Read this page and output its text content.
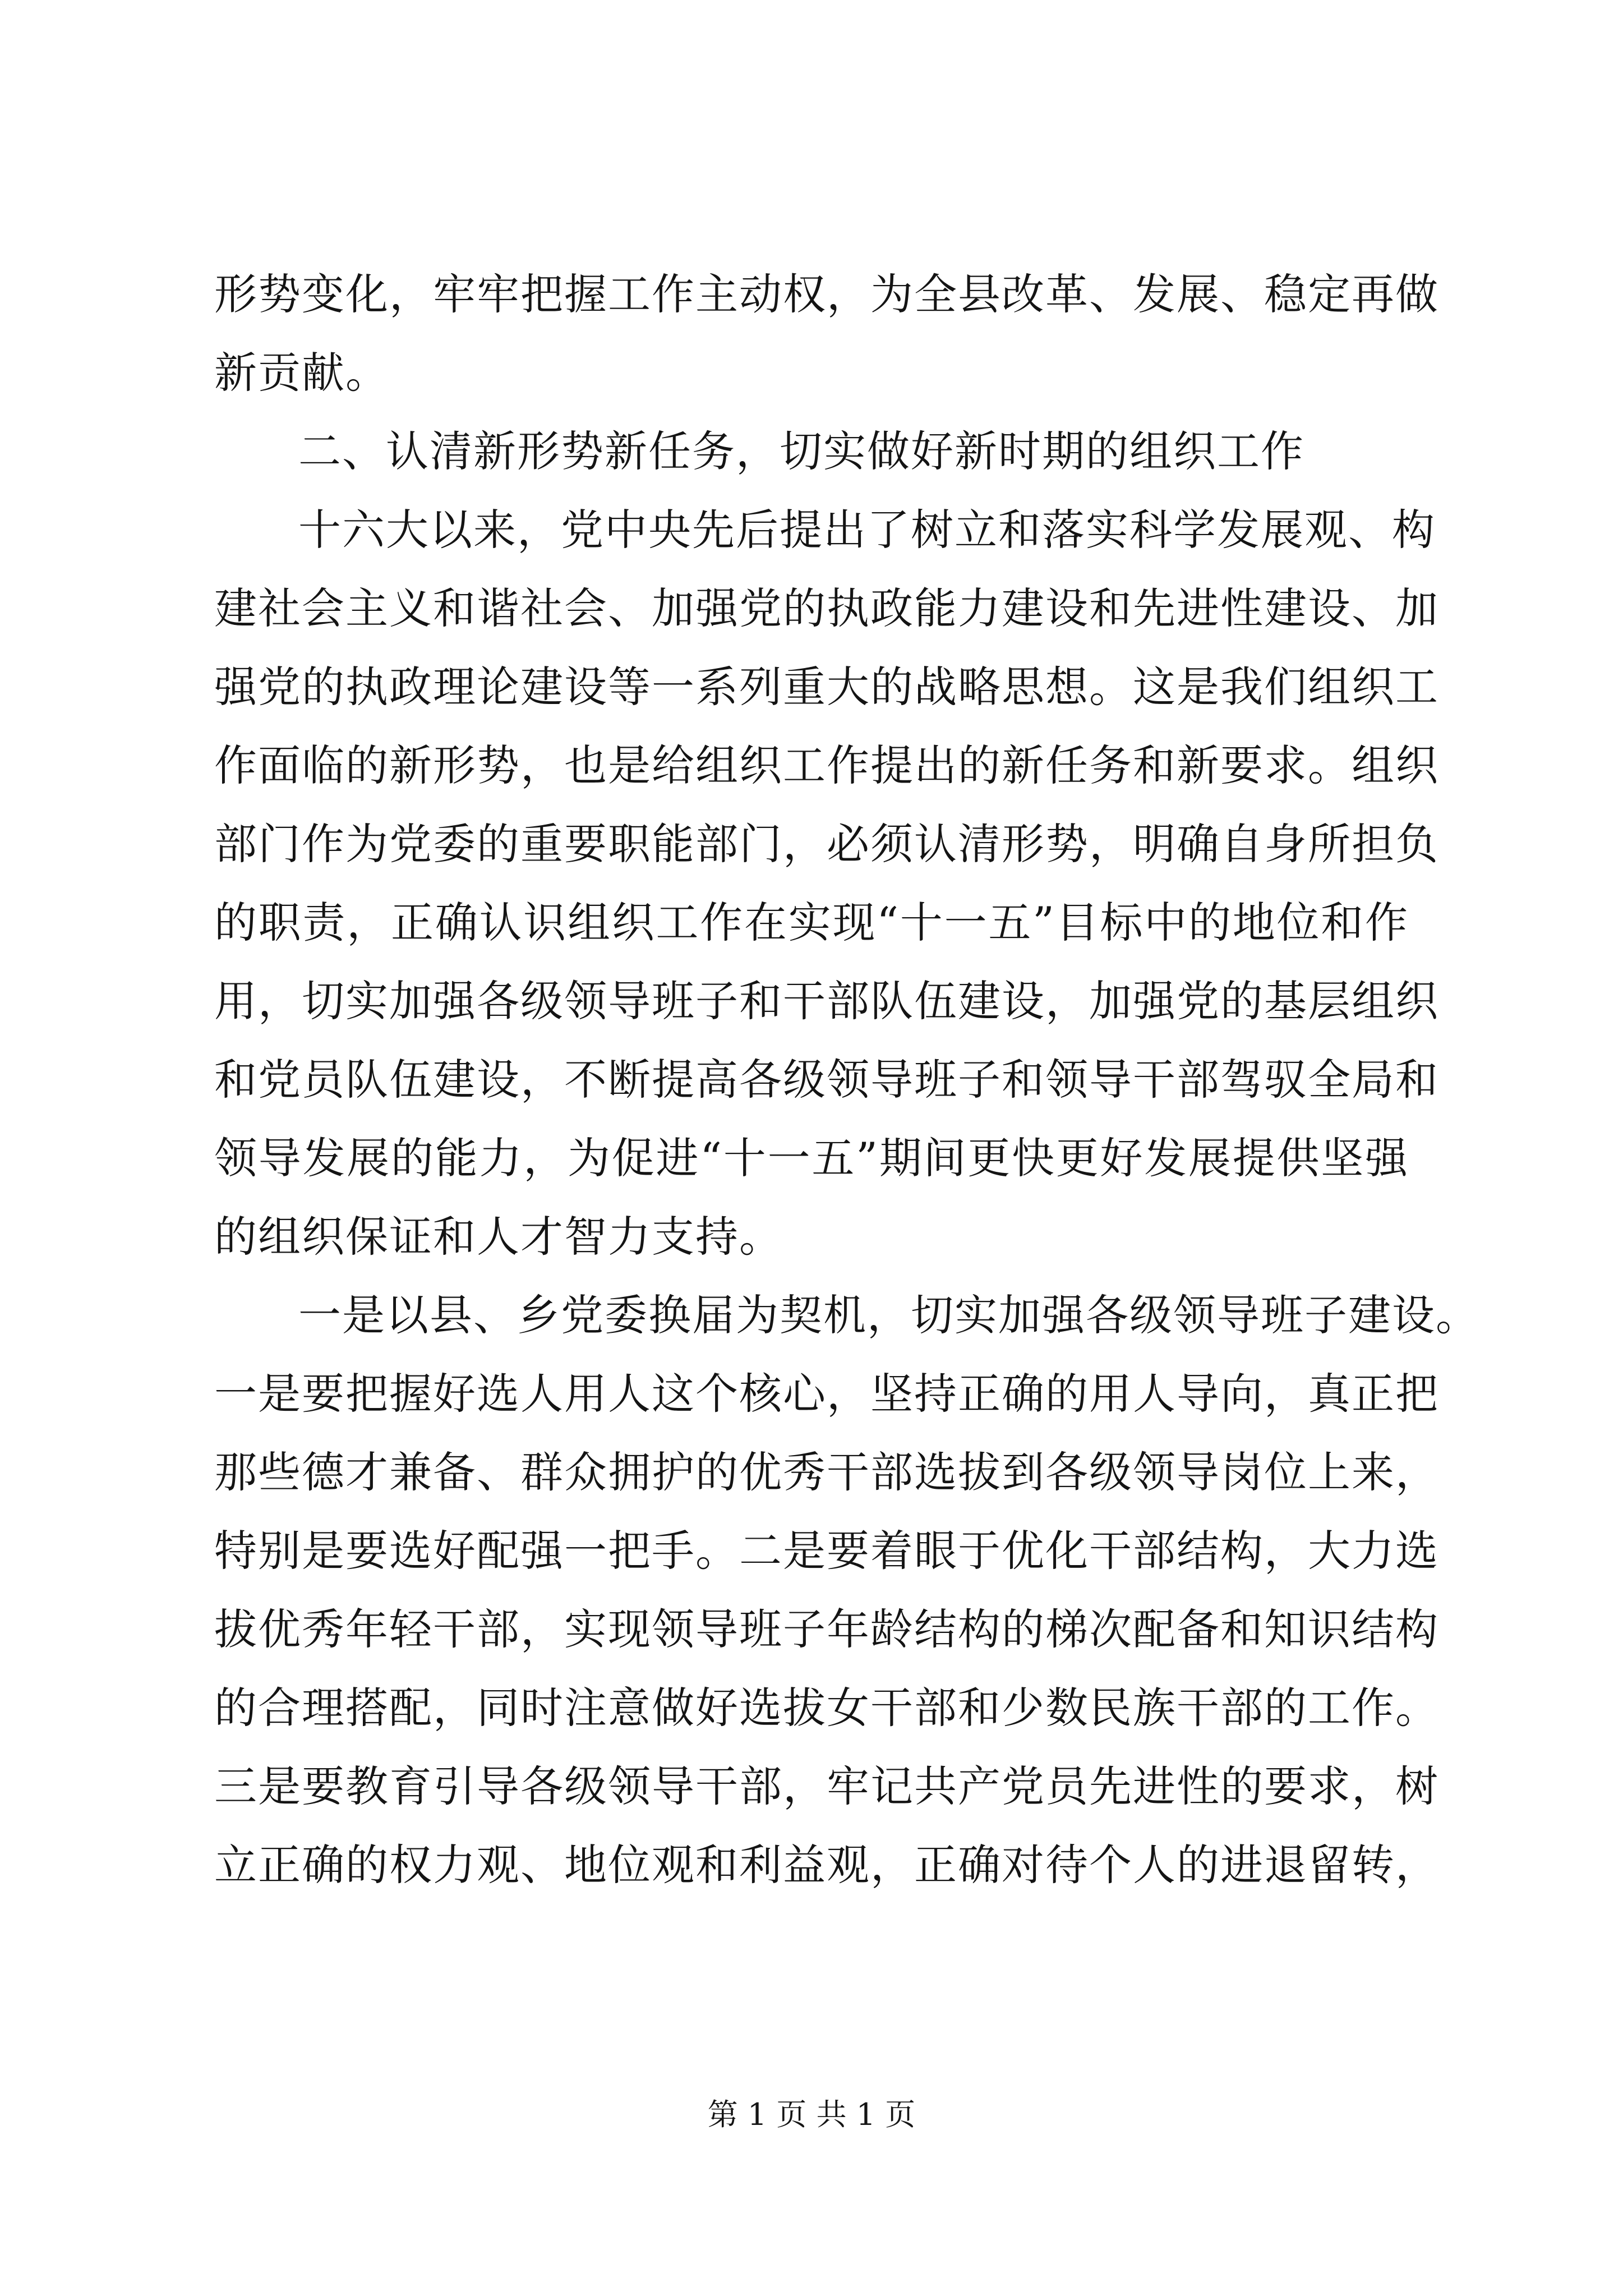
形势变化，牢牢把握工作主动权，为全县改革、发展、稳定再做
新贡献。
二、认清新形势新任务，切实做好新时期的组织工作
十六大以来，党中央先后提出了树立和落实科学发展观、构
建社会主义和谐社会、加强党的执政能力建设和先进性建设、加
强党的执政理论建设等一系列重大的战略思想。这是我们组织工
作面临的新形势，也是给组织工作提出的新任务和新要求。组织
部门作为党委的重要职能部门，必须认清形势，明确自身所担负
的职责，正确认识组织工作在实现“十一五”目标中的地位和作
用，切实加强各级领导班子和干部队伍建设，加强党的基层组织
和党员队伍建设，不断提高各级领导班子和领导干部驾驭全局和
领导发展的能力，为促进“十一五”期间更快更好发展提供坚强
的组织保证和人才智力支持。
一是以县、乡党委换届为契机，切实加强各级领导班子建设。
一是要把握好选人用人这个核心，坚持正确的用人导向，真正把
那些德才兼备、群众拥护的优秀干部选拔到各级领导岗位上来，
特别是要选好配强一把手。二是要着眼于优化干部结构，大力选
拔优秀年轻干部，实现领导班子年龄结构的梯次配备和知识结构
的合理搭配，同时注意做好选拔女干部和少数民族干部的工作。
三是要教育引导各级领导干部，牢记共产党员先进性的要求，树
立正确的权力观、地位观和利益观，正确对待个人的进退留转，
第 1 页 共 1 页
